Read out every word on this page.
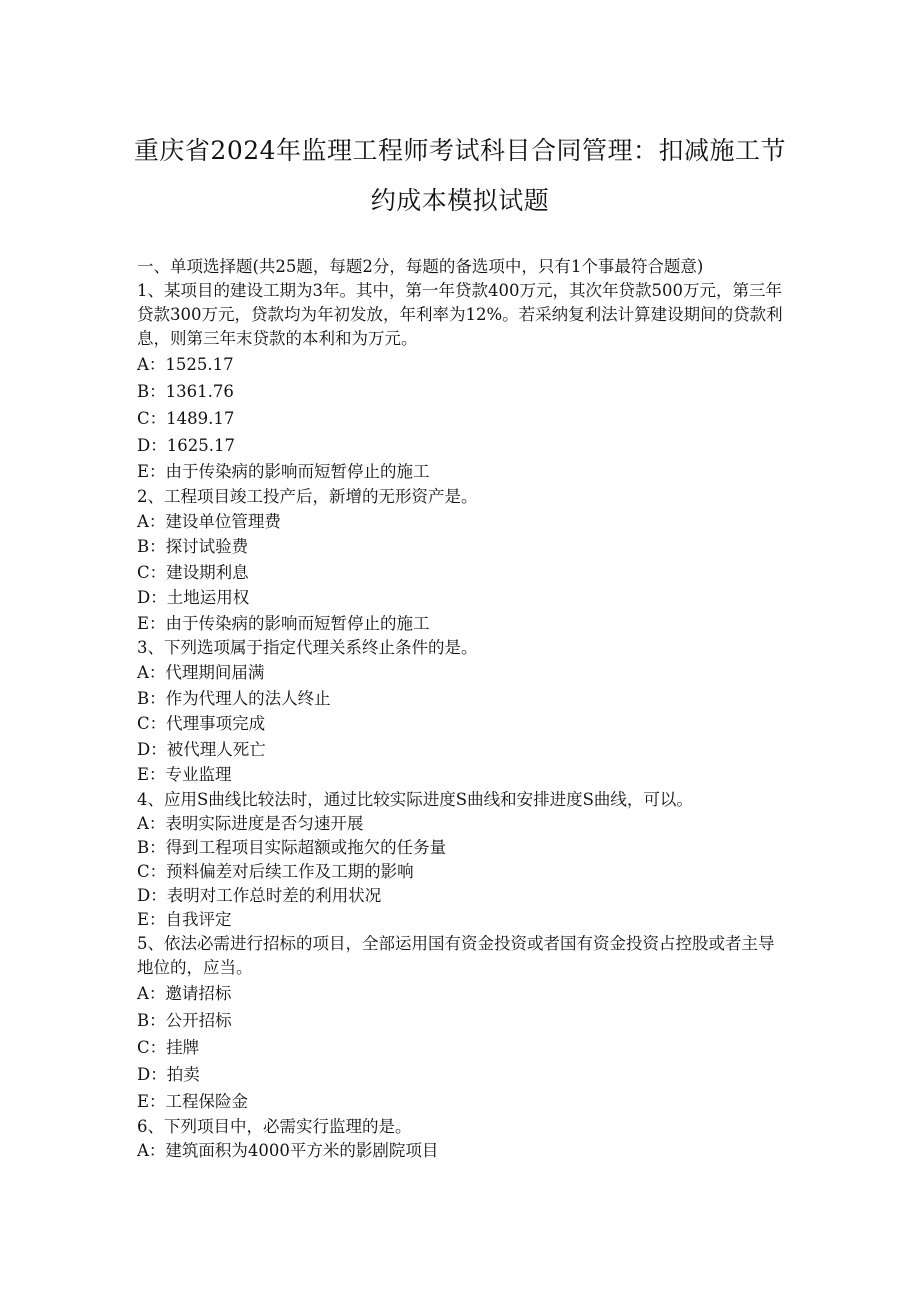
重庆省2024年监理工程师考试科目合同管理：扣减施工节
约成本模拟试题
一、单项选择题(共25题，每题2分，每题的备选项中，只有1个事最符合题意)
1、某项目的建设工期为3年。其中，第一年贷款400万元，其次年贷款500万元，第三年贷款300万元，贷款均为年初发放，年利率为12%。若采纳复利法计算建设期间的贷款利息，则第三年末贷款的本利和为万元。
A：1525.17
B：1361.76
C：1489.17
D：1625.17
E：由于传染病的影响而短暂停止的施工
2、工程项目竣工投产后，新增的无形资产是。
A：建设单位管理费
B：探讨试验费
C：建设期利息
D：土地运用权
E：由于传染病的影响而短暂停止的施工
3、下列选项属于指定代理关系终止条件的是。
A：代理期间届满
B：作为代理人的法人终止
C：代理事项完成
D：被代理人死亡
E：专业监理
4、应用S曲线比较法时，通过比较实际进度S曲线和安排进度S曲线，可以。
A：表明实际进度是否匀速开展
B：得到工程项目实际超额或拖欠的任务量
C：预料偏差对后续工作及工期的影响
D：表明对工作总时差的利用状况
E：自我评定
5、依法必需进行招标的项目，全部运用国有资金投资或者国有资金投资占控股或者主导地位的，应当。
A：邀请招标
B：公开招标
C：挂牌
D：拍卖
E：工程保险金
6、下列项目中，必需实行监理的是。
A：建筑面积为4000平方米的影剧院项目
